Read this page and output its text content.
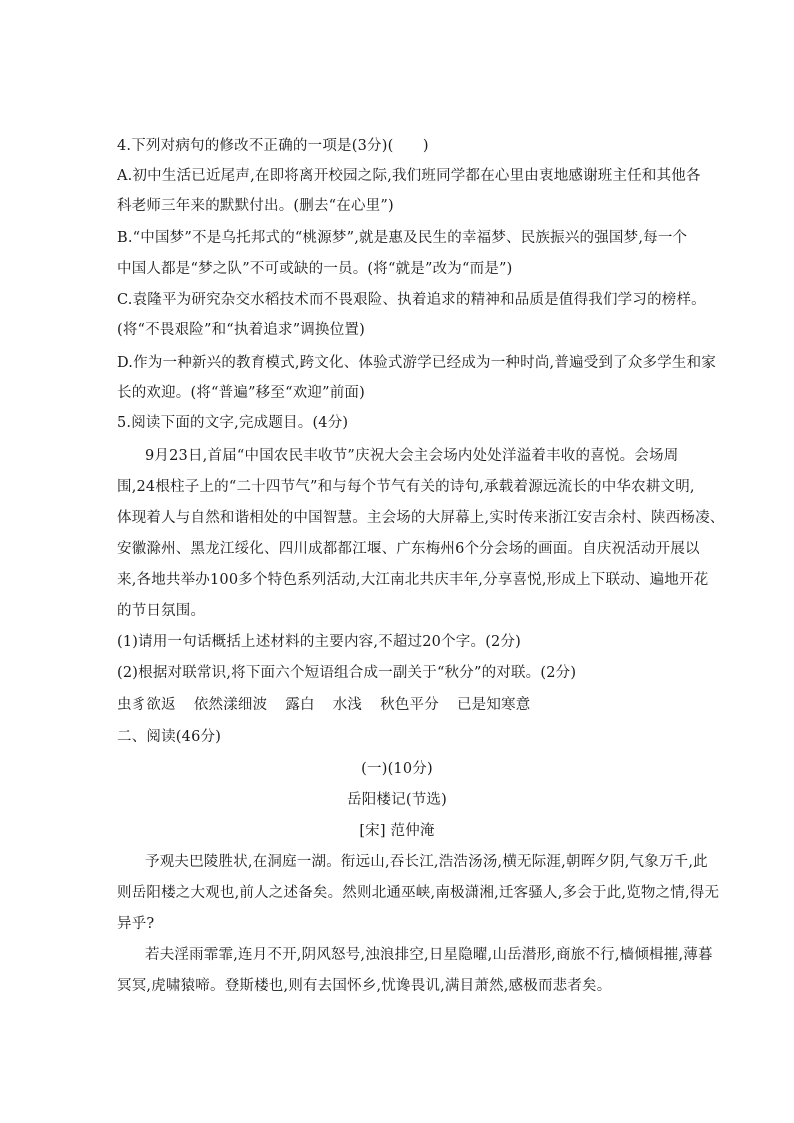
4.下列对病句的修改不正确的一项是(3分)(　　)
A.初中生活已近尾声,在即将离开校园之际,我们班同学都在心里由衷地感谢班主任和其他各
科老师三年来的默默付出。(删去“在心里”)
B.“中国梦”不是乌托邦式的“桃源梦”,就是惠及民生的幸福梦、民族振兴的强国梦,每一个
中国人都是“梦之队”不可或缺的一员。(将“就是”改为“而是”)
C.袁隆平为研究杂交水稻技术而不畏艰险、执着追求的精神和品质是值得我们学习的榜样。
(将“不畏艰险”和“执着追求”调换位置)
D.作为一种新兴的教育模式,跨文化、体验式游学已经成为一种时尚,普遍受到了众多学生和家
长的欢迎。(将“普遍”移至“欢迎”前面)
5.阅读下面的文字,完成题目。(4分)
9月23日,首届“中国农民丰收节”庆祝大会主会场内处处洋溢着丰收的喜悦。会场周
围,24根柱子上的“二十四节气”和与每个节气有关的诗句,承载着源远流长的中华农耕文明,
体现着人与自然和谐相处的中国智慧。主会场的大屏幕上,实时传来浙江安吉余村、陕西杨凌、
安徽滁州、黑龙江绥化、四川成都都江堰、广东梅州6个分会场的画面。自庆祝活动开展以
来,各地共举办100多个特色系列活动,大江南北共庆丰年,分享喜悦,形成上下联动、遍地开花
的节日氛围。
(1)请用一句话概括上述材料的主要内容,不超过20个字。(2分)
(2)根据对联常识,将下面六个短语组合成一副关于“秋分”的对联。(2分)
虫豸欲返 依然漾细波 露白 水浅 秋色平分 已是知寒意
二、阅读(46分)
(一)(10分)
岳阳楼记(节选)
[宋] 范仲淹
予观夫巴陵胜状,在洞庭一湖。衔远山,吞长江,浩浩汤汤,横无际涯,朝晖夕阴,气象万千,此
则岳阳楼之大观也,前人之述备矣。然则北通巫峡,南极潇湘,迁客骚人,多会于此,览物之情,得无
异乎?
若夫淫雨霏霏,连月不开,阴风怒号,浊浪排空,日星隐曜,山岳潜形,商旅不行,樯倾楫摧,薄暮
冥冥,虎啸猿啼。登斯楼也,则有去国怀乡,忧谗畏讥,满目萧然,感极而悲者矣。
